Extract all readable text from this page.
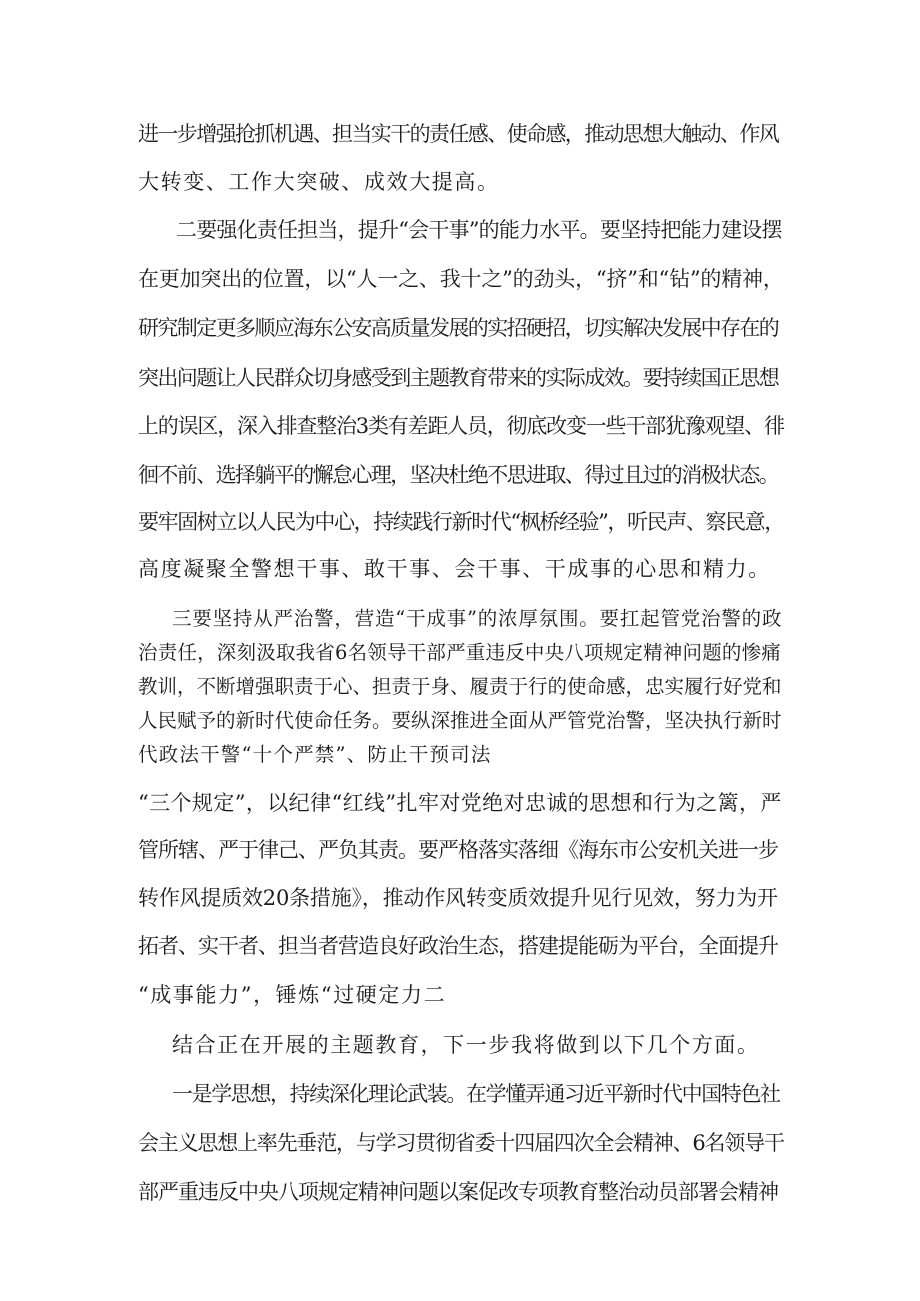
进一步增强抢抓机遇、担当实干的责任感、使命感，推动思想大触动、作风
大转变、工作大突破、成效大提高。
二要强化责任担当，提升“会干事”的能力水平。要坚持把能力建设摆
在更加突出的位置，以“人一之、我十之”的劲头，“挤”和“钻”的精神，
研究制定更多顺应海东公安高质量发展的实招硬招，切实解决发展中存在的
突出问题让人民群众切身感受到主题教育带来的实际成效。要持续国正思想
上的误区，深入排查整治3类有差距人员，彻底改变一些干部犹豫观望、徘
徊不前、选择躺平的懈怠心理，坚决杜绝不思进取、得过且过的消极状态。
要牢固树立以人民为中心，持续践行新时代“枫桥经验”，听民声、察民意，
高度凝聚全警想干事、敢干事、会干事、干成事的心思和精力。
三要坚持从严治警，营造“干成事”的浓厚氛围。要扛起管党治警的政
治责任，深刻汲取我省6名领导干部严重违反中央八项规定精神问题的惨痛
教训，不断增强职责于心、担责于身、履责于行的使命感，忠实履行好党和
人民赋予的新时代使命任务。要纵深推进全面从严管党治警，坚决执行新时
代政法干警“十个严禁”、防止干预司法
“三个规定”，以纪律“红线”扎牢对党绝对忠诚的思想和行为之篱，严
管所辖、严于律己、严负其责。要严格落实落细《海东市公安机关进一步
转作风提质效20条措施》，推动作风转变质效提升见行见效，努力为开
拓者、实干者、担当者营造良好政治生态，搭建提能砺为平台，全面提升
“成事能力”，锤炼“过硬定力二
结合正在开展的主题教育，下一步我将做到以下几个方面。
一是学思想，持续深化理论武装。在学懂弄通习近平新时代中国特色社
会主义思想上率先垂范，与学习贯彻省委十四届四次全会精神、6名领导干
部严重违反中央八项规定精神问题以案促改专项教育整治动员部署会精神
